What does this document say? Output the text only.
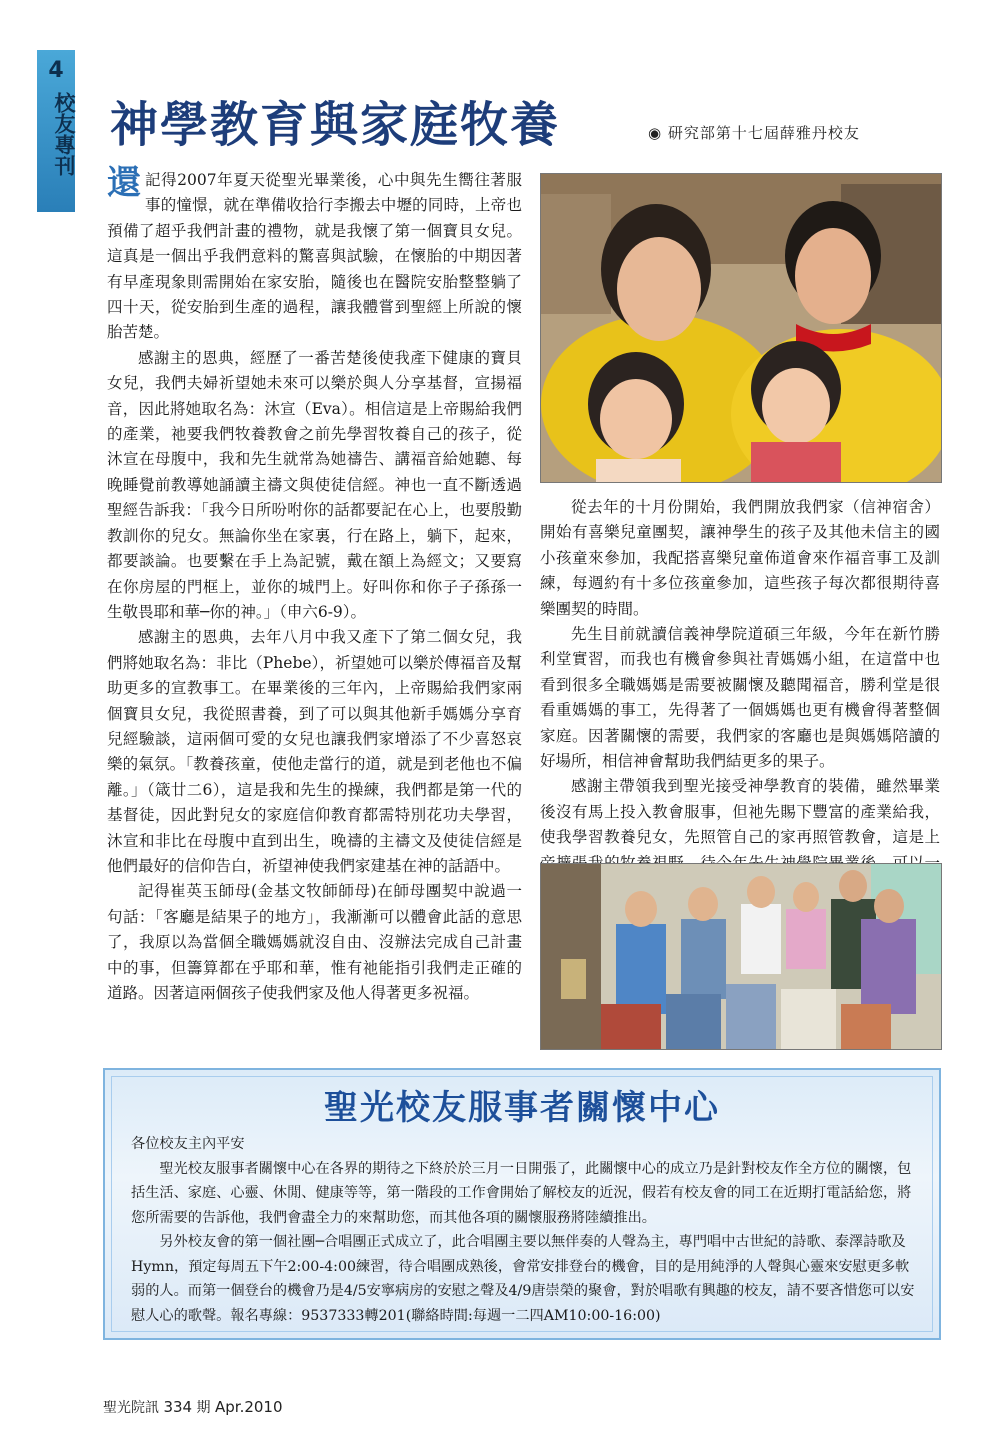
4
校友專刊 神學教育與家庭牧養	◉ 研究部第十七屆薛雅丹校友

還記得2007年夏天從聖光畢業後，心中與先生嚮往著服事的憧憬，就在準備收拾行李搬去中壢的同時，上帝也預備了超乎我們計畫的禮物，就是我懷了第一個寶貝女兒。這真是一個出乎我們意料的驚喜與試驗，在懷胎的中期因著有早產現象則需開始在家安胎，隨後也在醫院安胎整整躺了四十天，從安胎到生產的過程，讓我體嘗到聖經上所說的懷胎苦楚。

感謝主的恩典，經歷了一番苦楚後使我產下健康的寶貝女兒，我們夫婦祈望她未來可以樂於與人分享基督，宣揚福音，因此將她取名為：沐宣（Eva）。相信這是上帝賜給我們的產業，祂要我們牧養教會之前先學習牧養自己的孩子，從沐宣在母腹中，我和先生就常為她禱告、講福音給她聽、每晚睡覺前教導她誦讀主禱文與使徒信經。神也一直不斷透過聖經告訴我：「我今日所吩咐你的話都要記在心上，也要殷勤教訓你的兒女。無論你坐在家裏，行在路上，躺下，起來，都要談論。也要繫在手上為記號，戴在額上為經文；又要寫在你房屋的門框上，並你的城門上。好叫你和你子子孫孫一生敬畏耶和華─你的神。」（申六6-9）。

感謝主的恩典，去年八月中我又產下了第二個女兒，我們將她取名為：非比（Phebe），祈望她可以樂於傳福音及幫助更多的宣教事工。在畢業後的三年內，上帝賜給我們家兩個寶貝女兒，我從照書養，到了可以與其他新手媽媽分享育兒經驗談，這兩個可愛的女兒也讓我們家增添了不少喜怒哀樂的氣氛。「教養孩童，使他走當行的道，就是到老他也不偏離。」（箴廿二6），這是我和先生的操練，我們都是第一代的基督徒，因此對兒女的家庭信仰教育都需特別花功夫學習，沐宣和非比在母腹中直到出生，晚禱的主禱文及使徒信經是他們最好的信仰告白，祈望神使我們家建基在神的話語中。

記得崔英玉師母(金基文牧師師母)在師母團契中說過一句話：「客廳是結果子的地方」，我漸漸可以體會此話的意思了，我原以為當個全職媽媽就沒自由、沒辦法完成自己計畫中的事，但籌算都在乎耶和華，惟有祂能指引我們走正確的道路。因著這兩個孩子使我們家及他人得著更多祝福。

從去年的十月份開始，我們開放我們家（信神宿舍）開始有喜樂兒童團契，讓神學生的孩子及其他未信主的國小孩童來參加，我配搭喜樂兒童佈道會來作福音事工及訓練，每週約有十多位孩童參加，這些孩子每次都很期待喜樂團契的時間。

先生目前就讀信義神學院道碩三年級，今年在新竹勝利堂實習，而我也有機會參與社青媽媽小組，在這當中也看到很多全職媽媽是需要被關懷及聽聞福音，勝利堂是很看重媽媽的事工，先得著了一個媽媽也更有機會得著整個家庭。因著關懷的需要，我們家的客廳也是與媽媽陪讀的好場所，相信神會幫助我們結更多的果子。

感謝主帶領我到聖光接受神學教育的裝備，雖然畢業後沒有馬上投入教會服事，但祂先賜下豐富的產業給我，使我學習教養兒女，先照管自己的家再照管教會，這是上

聖光校友服事者關懷中心

各位校友主內平安

聖光校友服事者關懷中心在各界的期待之下終於於三月一日開張了，此關懷中心的成立乃是針對校友作全方位的關懷，包括生活、家庭、心靈、休閒、健康等等，第一階段的工作會開始了解校友的近況，假若有校友會的同工在近期打電話給您，將您所需要的告訴他，我們會盡全力的來幫助您，而其他各項的關懷服務將陸續推出。

另外校友會的第一個社團─合唱團正式成立了，此合唱團主要以無伴奏的人聲為主，專門唱中古世紀的詩歌、泰澤詩歌及Hymn，預定每周五下午2:00-4:00練習，待合唱團成熟後，會常安排登台的機會，目的是用純淨的人聲與心靈來安慰更多軟弱的人。而第一個登台的機會乃是4/5安寧病房的安慰之聲及4/9唐崇榮的聚會，對於唱歌有興趣的校友，請不要吝惜您可以安慰人心的歌聲。報名專線：9537333轉201(聯絡時間:每週一二四AM10:00-16:00)

聖光院訊 334 期 Apr.2010
